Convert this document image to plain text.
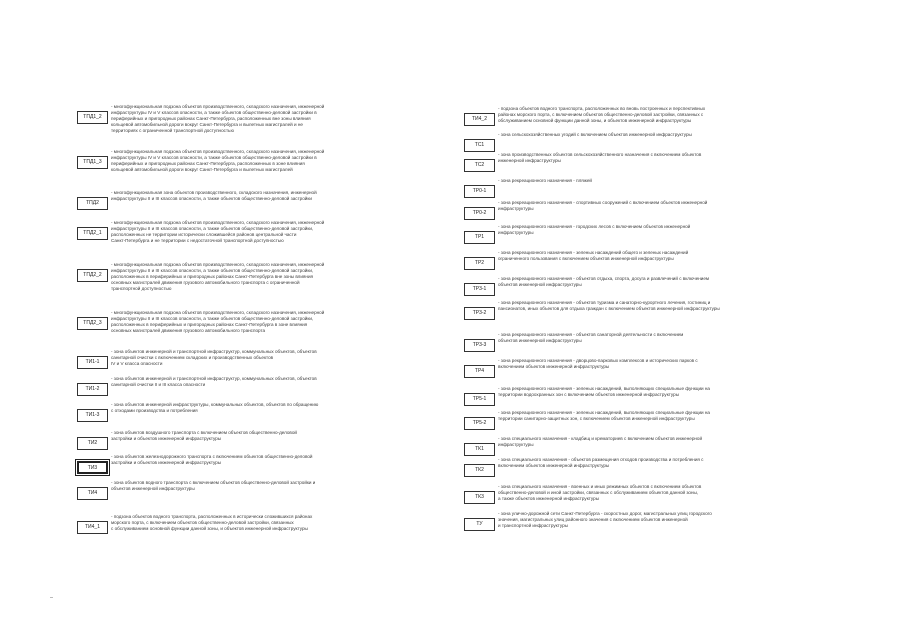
ТПД1_2
- многофункциональная подзона объектов производственного, складского назначения, инженерной
инфраструктуры IV и V классов опасности, а также объектов общественно-деловой застройки в
периферийных и пригородных районах Санкт-Петербурга, расположенных вне зоны влияния
кольцевой автомобильной дороги вокруг Санкт-Петербурга и вылетных магистралей и не
территориях с ограниченной транспортной доступностью
ТПД1_3
- многофункциональная подзона объектов производственного, складского назначения, инженерной
инфраструктуры IV и V классов опасности, а также объектов общественно-деловой застройки в
периферийных и пригородных районах Санкт-Петербурга, расположенных в зоне влияния
кольцевой автомобильной дороги вокруг Санкт-Петербурга и вылетных магистралей
ТПД2
- многофункциональная зона объектов производственного, складского назначения, инженерной
инфраструктуры II и III классов опасности, а также объектов общественно-деловой застройки
ТПД2_1
- многофункциональная подзона объектов производственного, складского назначения, инженерной
инфраструктуры II и III классов опасности, а также объектов общественно-деловой застройки,
расположенных не территории исторически сложившейся районов центральной части
Санкт-Петербурга и не территории с недостаточной транспортной доступностью
ТПД2_2
- многофункциональная подзона объектов производственного, складского назначения, инженерной
инфраструктуры II и III классов опасности, а также объектов общественно-деловой застройки,
расположенных в периферийных и пригородных районах Санкт-Петербурга вне зоны влияния
основных магистралей движения грузового автомобильного транспорта с ограниченной
транспортной доступностью
ТПД2_3
- многофункциональная подзона объектов производственного, складского назначения, инженерной
инфраструктуры II и III классов опасности, а также объектов общественно-деловой застройки,
расположенных в периферийных и пригородных районах Санкт-Петербурга в зоне влияния
основных магистралей движения грузового автомобильного транспорта
ТИ1-1
- зона объектов инженерной и транспортной инфраструктур, коммунальных объектов, объектов
санитарной очистки с включением складских и производственных объектов
IV и V класса опасности
ТИ1-2
- зона объектов инженерной и транспортной инфраструктур, коммунальных объектов, объектов
санитарной очистки II и III класса опасности
ТИ1-3
- зона объектов инженерной инфраструктуры, коммунальных объектов, объектов по обращению
с отходами производства и потребления
ТИ2
- зона объектов воздушного транспорта с включением объектов общественно-деловой
застройки и объектов инженерной инфраструктуры
ТИ3
- зона объектов железнодорожного транспорта с включением объектов общественно-деловой
застройки и объектов инженерной инфраструктуры
ТИ4
- зона объектов водного транспорта с включением объектов общественно-деловой застройки и
объектов инженерной инфраструктуры
ТИ4_1
- подзона объектов водного транспорта, расположенных в исторически сложившихся районах
морского порта, с включением объектов общественно-деловой застройки, связанных
с обслуживанием основной функции данной зоны, и объектов инженерной инфраструктуры
ТИ4_2
- подзона объектов водного транспорта, расположенных во вновь построенных и перспективных
районах морского порта, с включением объектов общественно-деловой застройки, связанных с
обслуживанием основной функции данной зоны, и объектов инженерной инфраструктуры
ТС1
- зона сельскохозяйственных угодий с включением объектов инженерной инфраструктуры
ТС2
- зона производственных объектов сельскохозяйственного назначения с включением объектов
инженерной инфраструктуры
ТР0-1
- зона рекреационного назначения - пляжей
ТР0-2
- зона рекреационного назначения - спортивных сооружений с включением объектов инженерной
инфраструктуры
ТР1
- зона рекреационного назначения - городских лесов с включением объектов инженерной
инфраструктуры
ТР2
- зона рекреационного назначения - зеленых насаждений общего и зеленых насаждений
ограниченного пользования с включением объектов инженерной инфраструктуры
ТР3-1
- зона рекреационного назначения - объектов отдыха, спорта, досуга и развлечений с включением
объектов инженерной инфраструктуры
ТР3-2
- зона рекреационного назначения - объектов туризма и санаторно-курортного лечения, гостиниц и
пансионатов, иных объектов для отдыха граждан с включением объектов инженерной инфраструктуры
ТР3-3
- зона рекреационного назначения - объектов санаторной деятельности с включением
объектов инженерной инфраструктуры
ТР4
- зона рекреационного назначения - дворцово-парковых комплексов и исторических парков с
включением объектов инженерной инфраструктуры
ТР5-1
- зона рекреационного назначения - зеленых насаждений, выполняющих специальные функции на
территории водоохранных зон с включением объектов инженерной инфраструктуры
ТР5-2
- зона рекреационного назначения - зеленых насаждений, выполняющих специальные функции на
территории санитарно-защитных зон, с включением объектов инженерной инфраструктуры
ТК1
- зона специального назначения - кладбищ и крематориев с включением объектов инженерной
инфраструктуры
ТК2
- зона специального назначения - объектов размещения отходов производства и потребления с
включением объектов инженерной инфраструктуры
ТК3
- зона специального назначения - военных и иных режимных объектов с включением объектов
общественно-деловой и иной застройки, связанных с обслуживанием объектов данной зоны,
а также объектов инженерной инфраструктуры
ТУ
- зона улично-дорожной сети Санкт-Петербурга - скоростных дорог, магистральных улиц городского
значения, магистральных улиц районного значения с включением объектов инженерной
и транспортной инфраструктуры
